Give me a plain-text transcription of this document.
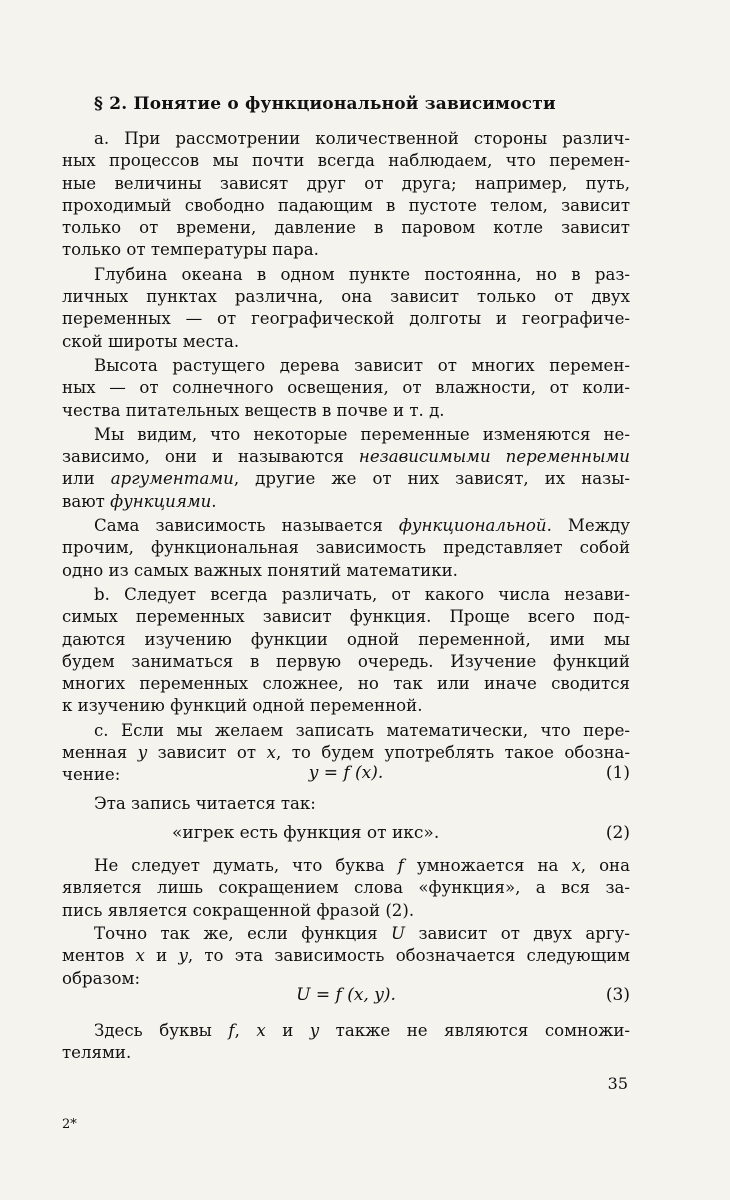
§ 2. Понятие о функциональной зависимости
а. При рассмотрении количественной стороны различ-
ных процессов мы почти всегда наблюдаем, что перемен-
ные величины зависят друг от друга; например, путь,
проходимый свободно падающим в пустоте телом, зависит
только от времени, давление в паровом котле зависит
только от температуры пара.
Глубина океана в одном пункте постоянна, но в раз-
личных пунктах различна, она зависит только от двух
переменных — от географической долготы и географиче-
ской широты места.
Высота растущего дерева зависит от многих перемен-
ных — от солнечного освещения, от влажности, от коли-
чества питательных веществ в почве и т. д.
Мы видим, что некоторые переменные изменяются не-
зависимо, они и называются независимыми переменными
или аргументами, другие же от них зависят, их назы-
вают функциями.
Сама зависимость называется функциональной. Между
прочим, функциональная зависимость представляет собой
одно из самых важных понятий математики.
b. Следует всегда различать, от какого числа незави-
симых переменных зависит функция. Проще всего под-
даются изучению функции одной переменной, ими мы
будем заниматься в первую очередь. Изучение функций
многих переменных сложнее, но так или иначе сводится
к изучению функций одной переменной.
с. Если мы желаем записать математически, что пере-
менная y зависит от x, то будем употреблять такое обозна-
чение:	y = f (x).	(1)
Эта запись читается так:
«игрек есть функция от икс».	(2)
Не следует думать, что буква f умножается на x, она
является лишь сокращением слова «функция», а вся за-
пись является сокращенной фразой (2).
Точно так же, если функция U зависит от двух аргу-
ментов x и y, то эта зависимость обозначается следующим
образом:
U = f (x, y).	(3)
Здесь буквы f, x и y также не являются сомножи-
телями.
35
2*
